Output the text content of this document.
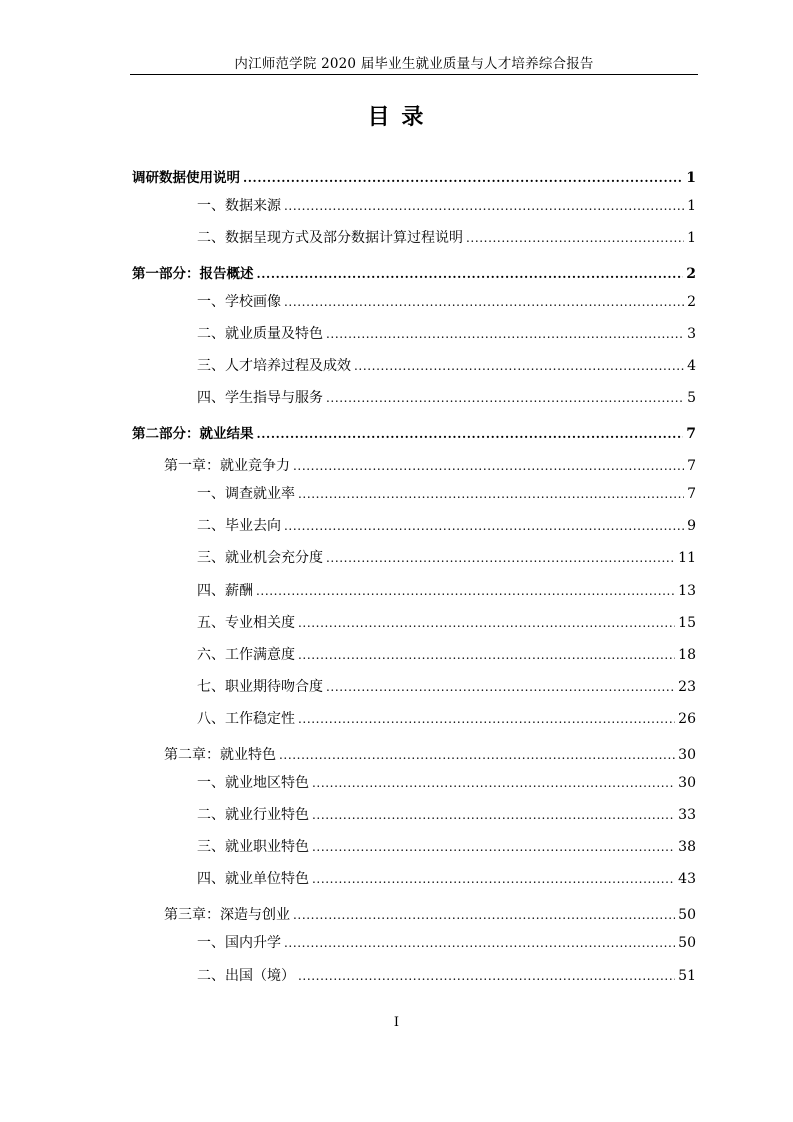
内江师范学院 2020 届毕业生就业质量与人才培养综合报告
目 录
调研数据使用说明 .....	1
一、数据来源 .....	1
二、数据呈现方式及部分数据计算过程说明 .....	1
第一部分：报告概述 .....	2
一、学校画像 .....	2
二、就业质量及特色 .....	3
三、人才培养过程及成效 .....	4
四、学生指导与服务 .....	5
第二部分：就业结果 .....	7
第一章：就业竞争力 .....	7
一、调查就业率 .....	7
二、毕业去向 .....	9
三、就业机会充分度 .....	11
四、薪酬 .....	13
五、专业相关度 .....	15
六、工作满意度 .....	18
七、职业期待吻合度 .....	23
八、工作稳定性 .....	26
第二章：就业特色 .....	30
一、就业地区特色 .....	30
二、就业行业特色 .....	33
三、就业职业特色 .....	38
四、就业单位特色 .....	43
第三章：深造与创业 .....	50
一、国内升学 .....	50
二、出国（境） .....	51
I
